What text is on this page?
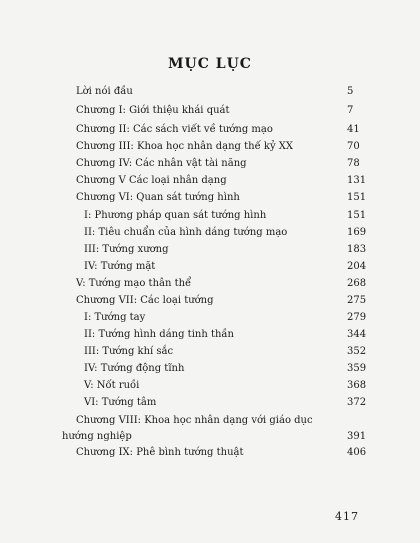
MỤC LỤC
Lời nói đầu	5
Chương I: Giới thiệu khái quát	7
Chương II: Các sách viết về tướng mạo	41
Chương III: Khoa học nhân dạng thế kỷ XX	70
Chương IV: Các nhân vật tài năng	78
Chương V Các loại nhân dạng	131
Chương VI: Quan sát tướng hình	151
I: Phương pháp quan sát tướng hình	151
II: Tiêu chuẩn của hình dáng tướng mạo	169
III: Tướng xương	183
IV: Tướng mặt	204
V: Tướng mạo thân thể	268
Chương VII: Các loại tướng	275
I: Tướng tay	279
II: Tướng hình dáng tinh thần	344
III: Tướng khí sắc	352
IV: Tướng động tĩnh	359
V: Nốt ruồi	368
VI: Tướng tâm	372
Chương VIII: Khoa học nhân dạng với giáo dục
hướng nghiệp	391
Chương IX: Phê bình tướng thuật	406
417
